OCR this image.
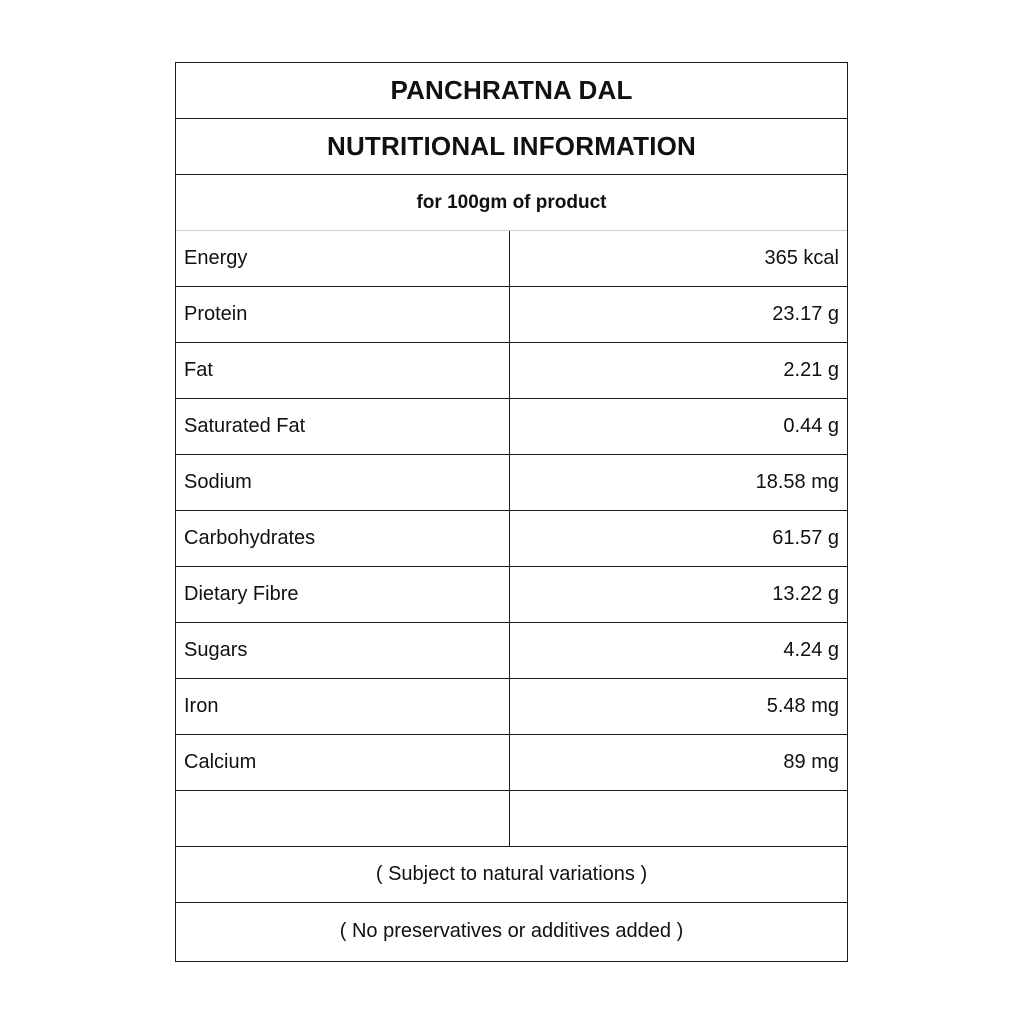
PANCHRATNA DAL
NUTRITIONAL INFORMATION
for 100gm of product
Energy	365 kcal
Protein	23.17 g
Fat	2.21 g
Saturated Fat	0.44 g
Sodium	18.58 mg
Carbohydrates	61.57 g
Dietary Fibre	13.22 g
Sugars	4.24 g
Iron	5.48 mg
Calcium	89 mg
( Subject to natural variations )
( No preservatives or additives added )
